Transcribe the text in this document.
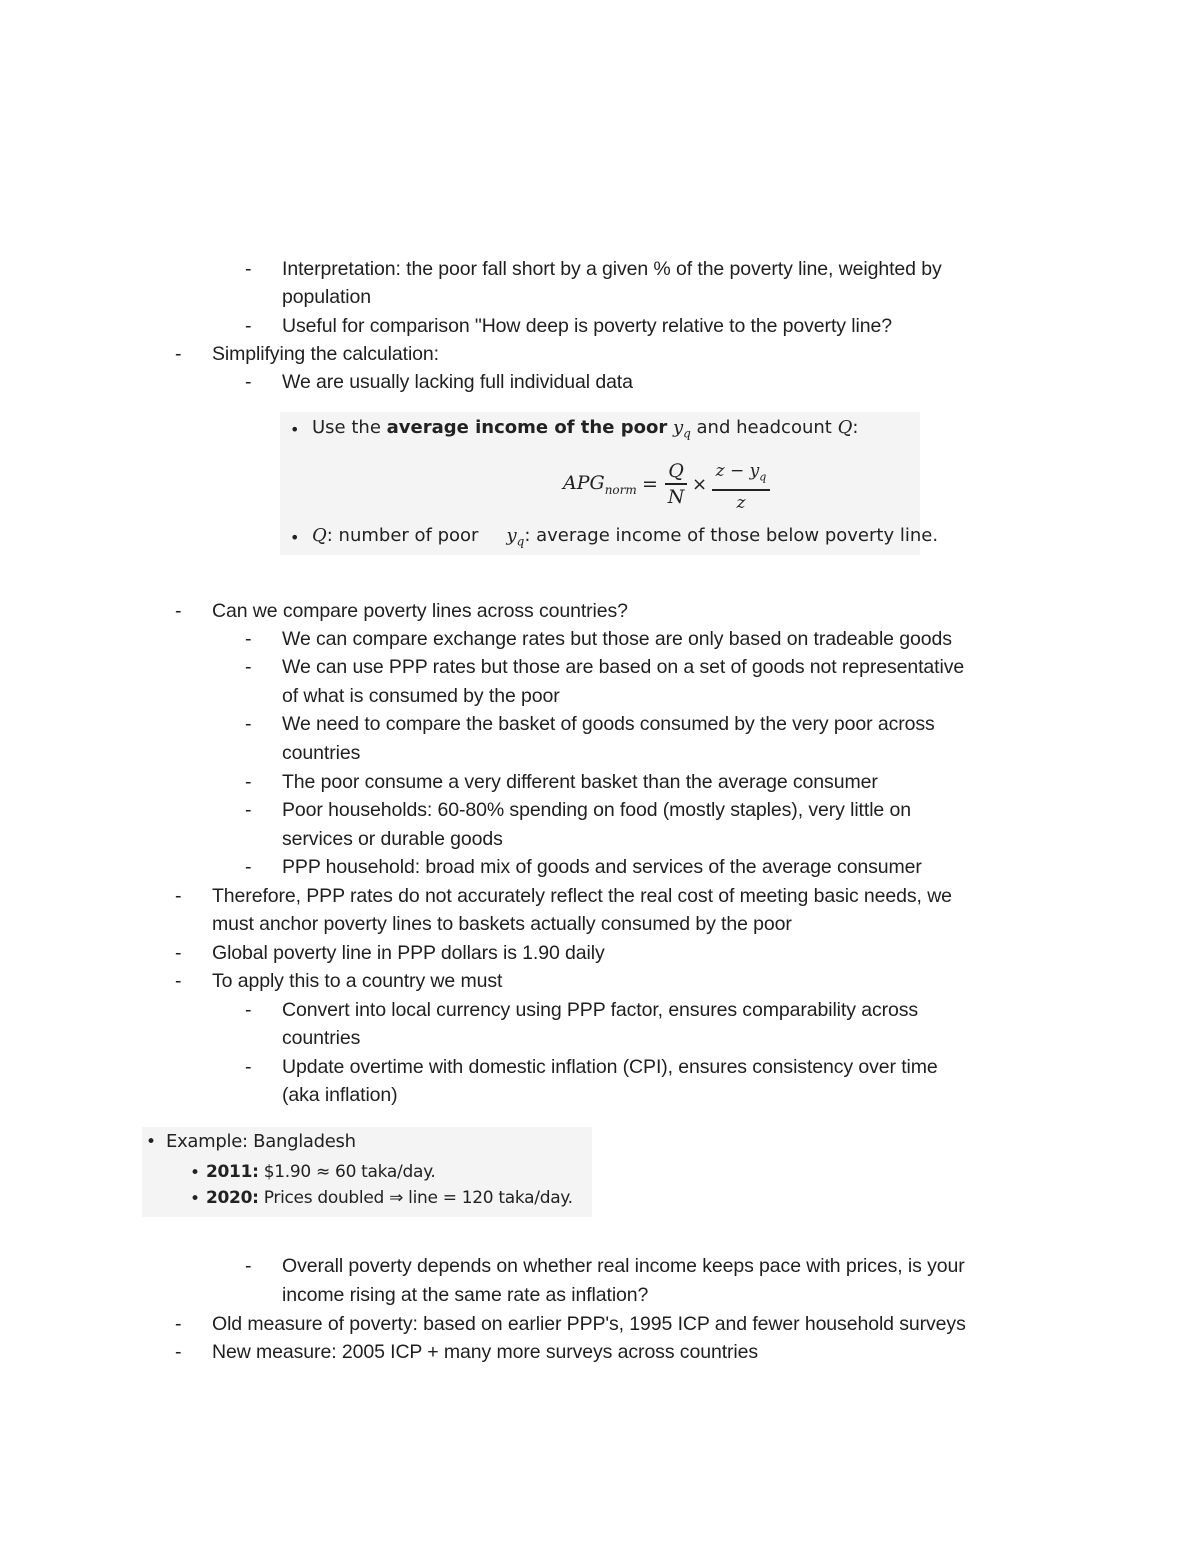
- Interpretation: the poor fall short by a given % of the poverty line, weighted by
population
- Useful for comparison "How deep is poverty relative to the poverty line?
- Simplifying the calculation:
- We are usually lacking full individual data
• Use the average income of the poor $y_q$ and headcount Q:
$APG_{norm}$ =
Q
N
×
$z - y_q$
z
• Q: number of poor $y_q$: average income of those below poverty line.
- Can we compare poverty lines across countries?
- We can compare exchange rates but those are only based on tradeable goods
- We can use PPP rates but those are based on a set of goods not representative
of what is consumed by the poor
- We need to compare the basket of goods consumed by the very poor across
countries
- The poor consume a very different basket than the average consumer
- Poor households: 60-80% spending on food (mostly staples), very little on
services or durable goods
- PPP household: broad mix of goods and services of the average consumer
- Therefore, PPP rates do not accurately reflect the real cost of meeting basic needs, we
must anchor poverty lines to baskets actually consumed by the poor
- Global poverty line in PPP dollars is 1.90 daily
- To apply this to a country we must
- Convert into local currency using PPP factor, ensures comparability across
countries
- Update overtime with domestic inflation (CPI), ensures consistency over time
(aka inflation)
• Example: Bangladesh
• 2011: $1.90 ≈ 60 taka/day.
• 2020: Prices doubled ⇒ line = 120 taka/day.
- Overall poverty depends on whether real income keeps pace with prices, is your
income rising at the same rate as inflation?
- Old measure of poverty: based on earlier PPP's, 1995 ICP and fewer household surveys
- New measure: 2005 ICP + many more surveys across countries
